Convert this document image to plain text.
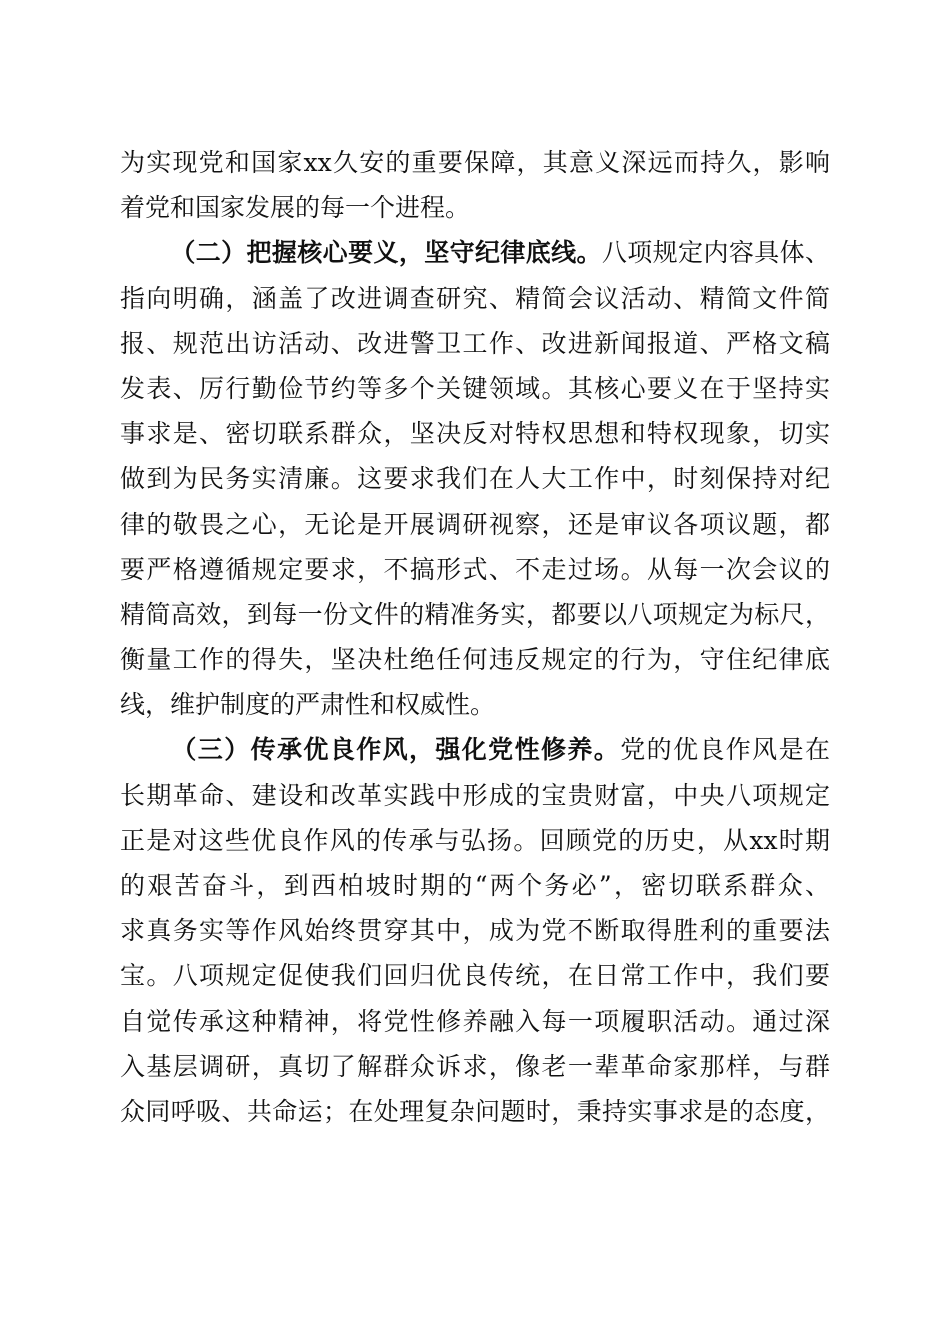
为实现党和国家xx久安的重要保障，其意义深远而持久，影响
着党和国家发展的每一个进程。
（二）把握核心要义，坚守纪律底线。八项规定内容具体、
指向明确，涵盖了改进调查研究、精简会议活动、精简文件简
报、规范出访活动、改进警卫工作、改进新闻报道、严格文稿
发表、厉行勤俭节约等多个关键领域。其核心要义在于坚持实
事求是、密切联系群众，坚决反对特权思想和特权现象，切实
做到为民务实清廉。这要求我们在人大工作中，时刻保持对纪
律的敬畏之心，无论是开展调研视察，还是审议各项议题，都
要严格遵循规定要求，不搞形式、不走过场。从每一次会议的
精简高效，到每一份文件的精准务实，都要以八项规定为标尺，
衡量工作的得失，坚决杜绝任何违反规定的行为，守住纪律底
线，维护制度的严肃性和权威性。
（三）传承优良作风，强化党性修养。党的优良作风是在
长期革命、建设和改革实践中形成的宝贵财富，中央八项规定
正是对这些优良作风的传承与弘扬。回顾党的历史，从xx时期
的艰苦奋斗，到西柏坡时期的“两个务必”，密切联系群众、
求真务实等作风始终贯穿其中，成为党不断取得胜利的重要法
宝。八项规定促使我们回归优良传统，在日常工作中，我们要
自觉传承这种精神，将党性修养融入每一项履职活动。通过深
入基层调研，真切了解群众诉求，像老一辈革命家那样，与群
众同呼吸、共命运；在处理复杂问题时，秉持实事求是的态度，
